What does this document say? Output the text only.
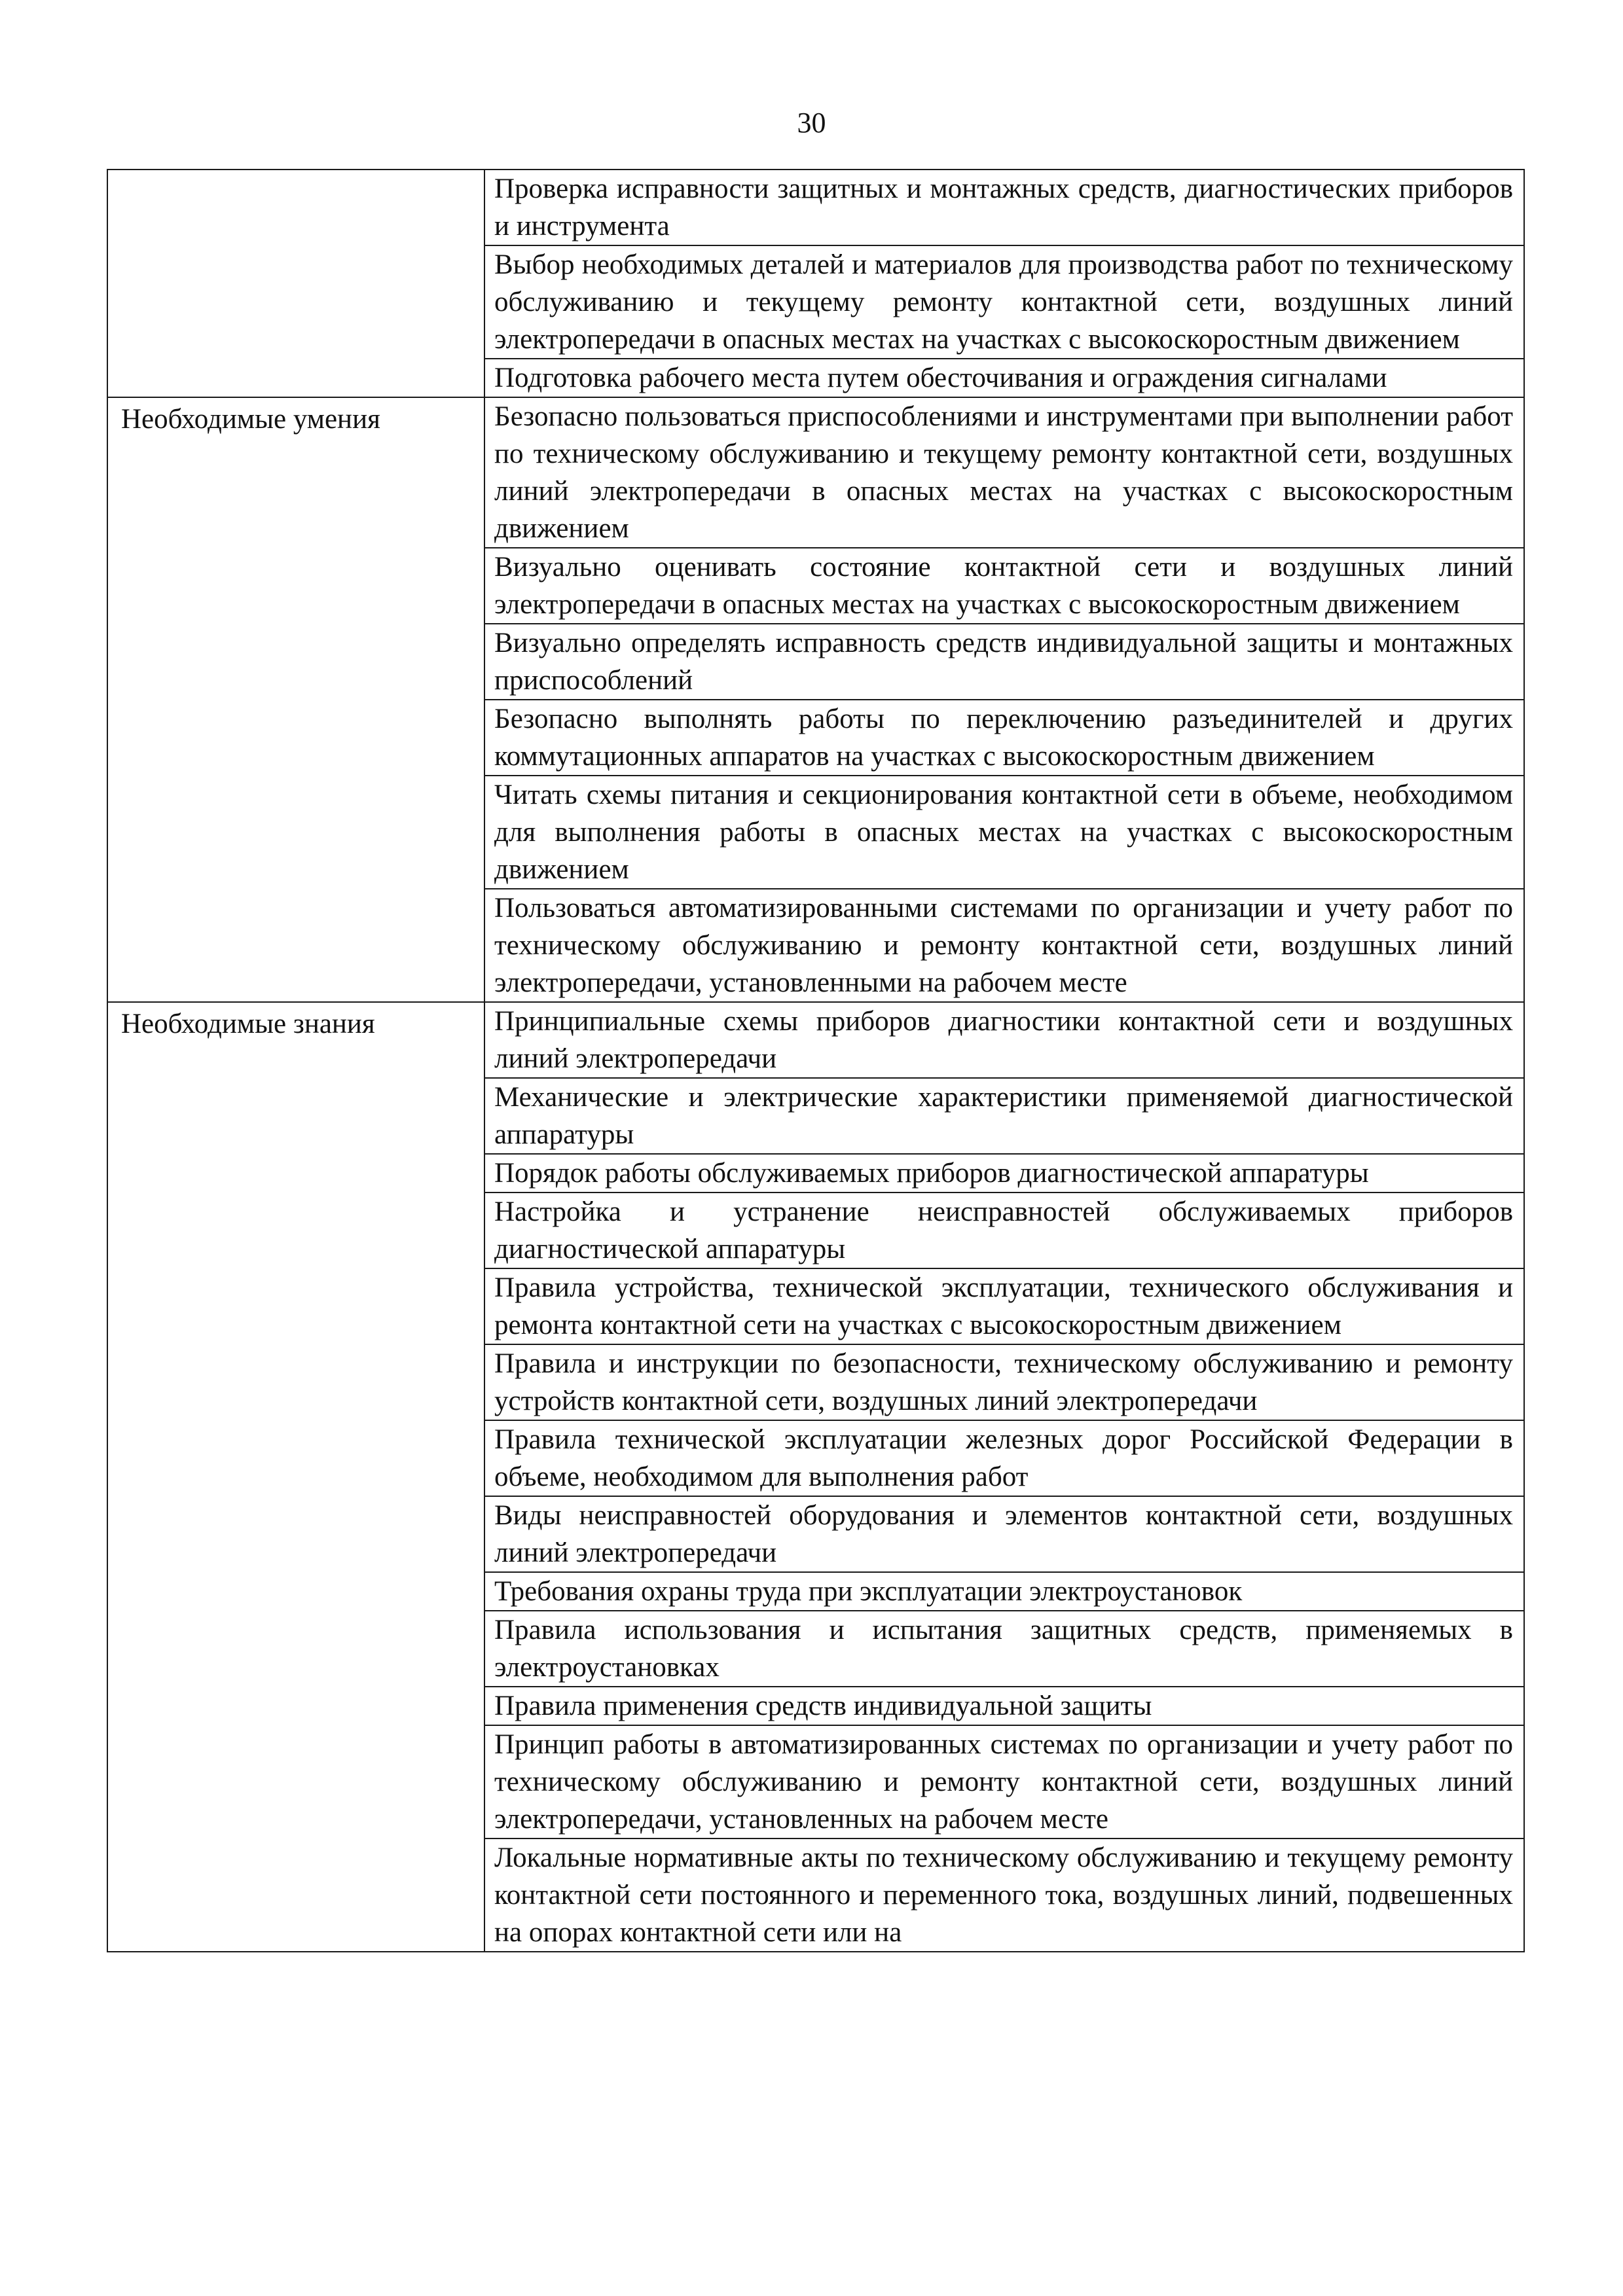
30
	Проверка исправности защитных и монтажных средств, диагностических приборов и инструмента
	Выбор необходимых деталей и материалов для производства работ по техническому обслуживанию и текущему ремонту контактной сети, воздушных линий электропередачи в опасных местах на участках с высокоскоростным движением
	Подготовка рабочего места путем обесточивания и ограждения сигналами
Необходимые умения	Безопасно пользоваться приспособлениями и инструментами при выполнении работ по техническому обслуживанию и текущему ремонту контактной сети, воздушных линий электропередачи в опасных местах на участках с высокоскоростным движением
	Визуально оценивать состояние контактной сети и воздушных линий электропередачи в опасных местах на участках с высокоскоростным движением
	Визуально определять исправность средств индивидуальной защиты и монтажных приспособлений
	Безопасно выполнять работы по переключению разъединителей и других коммутационных аппаратов на участках с высокоскоростным движением
	Читать схемы питания и секционирования контактной сети в объеме, необходимом для выполнения работы в опасных местах на участках с высокоскоростным движением
	Пользоваться автоматизированными системами по организации и учету работ по техническому обслуживанию и ремонту контактной сети, воздушных линий электропередачи, установленными на рабочем месте
Необходимые знания	Принципиальные схемы приборов диагностики контактной сети и воздушных линий электропередачи
	Механические и электрические характеристики применяемой диагностической аппаратуры
	Порядок работы обслуживаемых приборов диагностической аппаратуры
	Настройка и устранение неисправностей обслуживаемых приборов диагностической аппаратуры
	Правила устройства, технической эксплуатации, технического обслуживания и ремонта контактной сети на участках с высокоскоростным движением
	Правила и инструкции по безопасности, техническому обслуживанию и ремонту устройств контактной сети, воздушных линий электропередачи
	Правила технической эксплуатации железных дорог Российской Федерации в объеме, необходимом для выполнения работ
	Виды неисправностей оборудования и элементов контактной сети, воздушных линий электропередачи
	Требования охраны труда при эксплуатации электроустановок
	Правила использования и испытания защитных средств, применяемых в электроустановках
	Правила применения средств индивидуальной защиты
	Принцип работы в автоматизированных системах по организации и учету работ по техническому обслуживанию и ремонту контактной сети, воздушных линий электропередачи, установленных на рабочем месте
	Локальные нормативные акты по техническому обслуживанию и текущему ремонту контактной сети постоянного и переменного тока, воздушных линий, подвешенных на опорах контактной сети или на
